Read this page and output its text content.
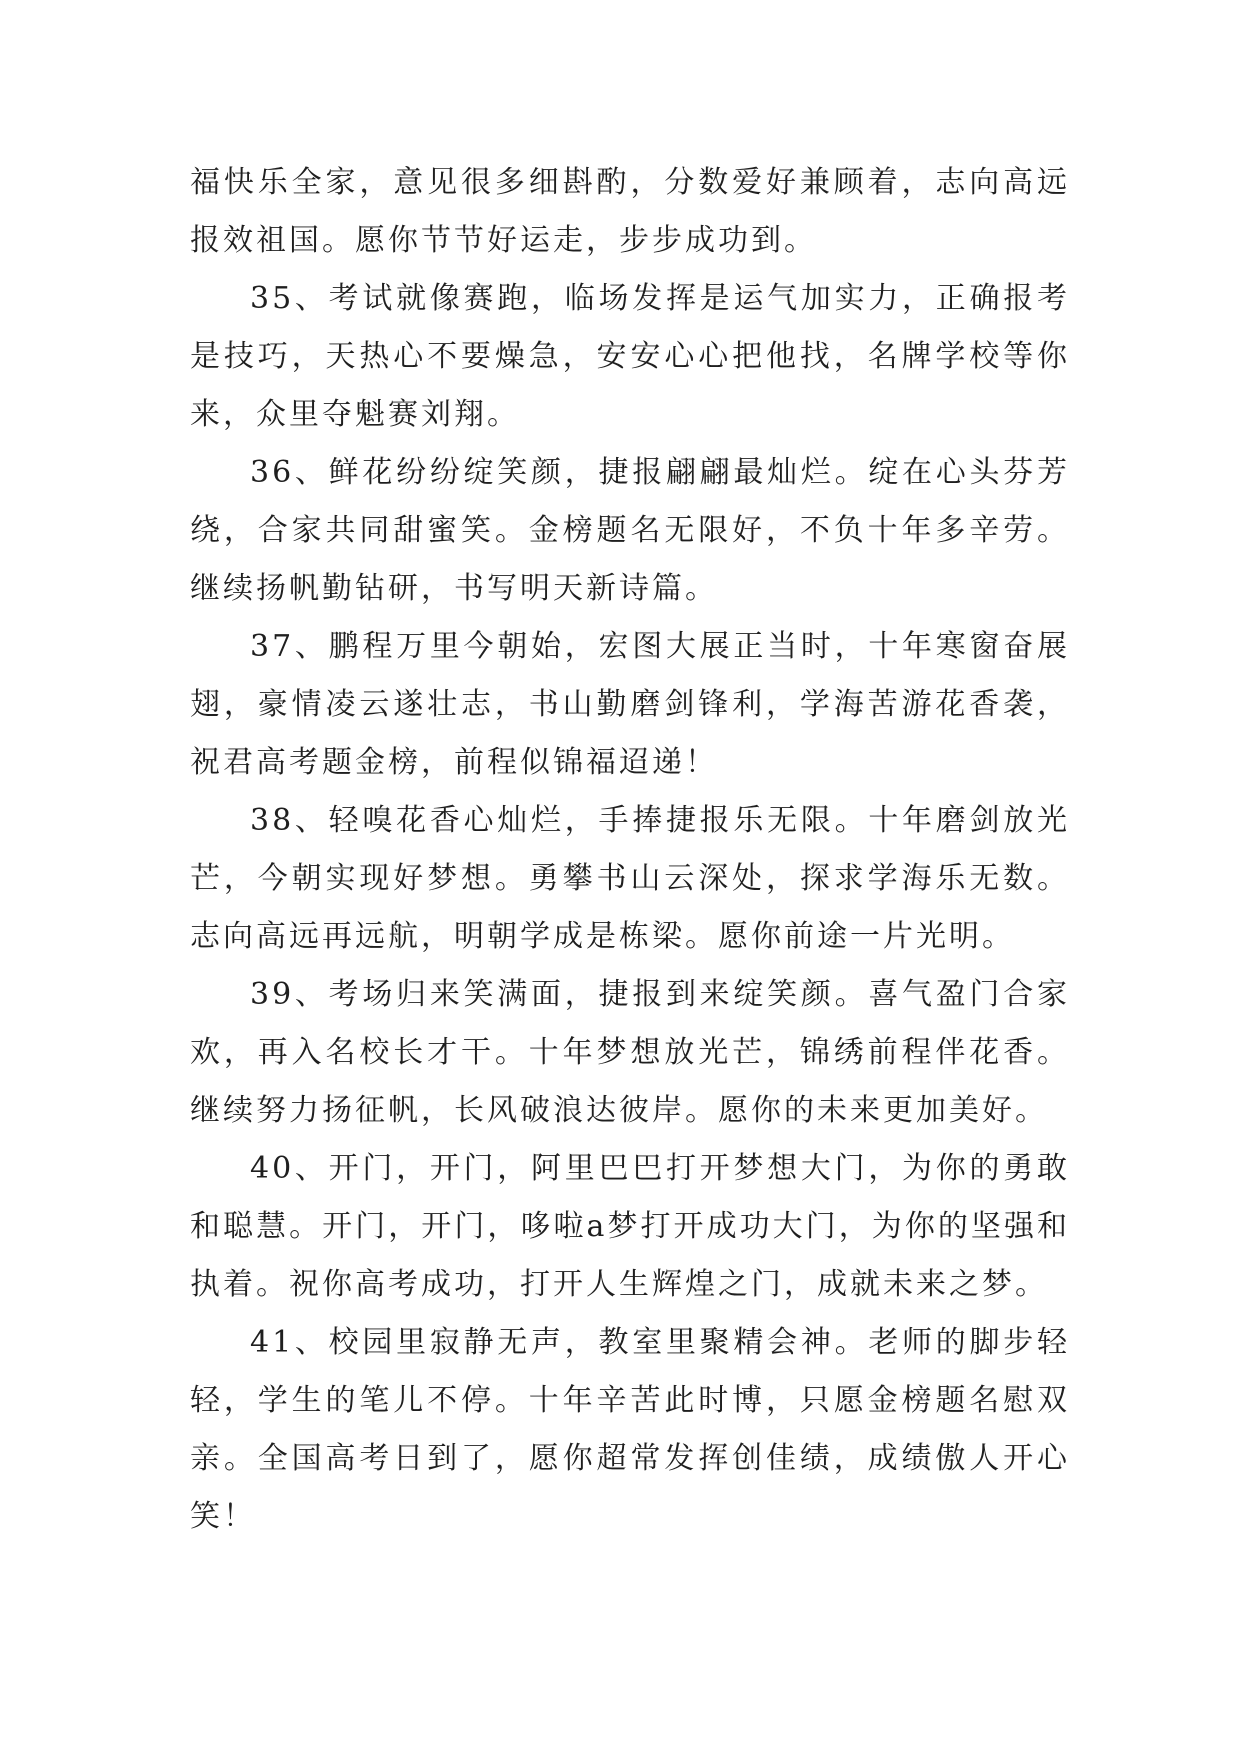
福快乐全家，意见很多细斟酌，分数爱好兼顾着，志向高远报效祖国。愿你节节好运走，步步成功到。

35、考试就像赛跑，临场发挥是运气加实力，正确报考是技巧，天热心不要燥急，安安心心把他找，名牌学校等你来，众里夺魁赛刘翔。

36、鲜花纷纷绽笑颜，捷报翩翩最灿烂。绽在心头芬芳绕，合家共同甜蜜笑。金榜题名无限好，不负十年多辛劳。继续扬帆勤钻研，书写明天新诗篇。

37、鹏程万里今朝始，宏图大展正当时，十年寒窗奋展翅，豪情凌云遂壮志，书山勤磨剑锋利，学海苦游花香袭，祝君高考题金榜，前程似锦福迢递！

38、轻嗅花香心灿烂，手捧捷报乐无限。十年磨剑放光芒，今朝实现好梦想。勇攀书山云深处，探求学海乐无数。志向高远再远航，明朝学成是栋梁。愿你前途一片光明。

39、考场归来笑满面，捷报到来绽笑颜。喜气盈门合家欢，再入名校长才干。十年梦想放光芒，锦绣前程伴花香。继续努力扬征帆，长风破浪达彼岸。愿你的未来更加美好。

40、开门，开门，阿里巴巴打开梦想大门，为你的勇敢和聪慧。开门，开门，哆啦a梦打开成功大门，为你的坚强和执着。祝你高考成功，打开人生辉煌之门，成就未来之梦。

41、校园里寂静无声，教室里聚精会神。老师的脚步轻轻，学生的笔儿不停。十年辛苦此时博，只愿金榜题名慰双亲。全国高考日到了，愿你超常发挥创佳绩，成绩傲人开心笑！
